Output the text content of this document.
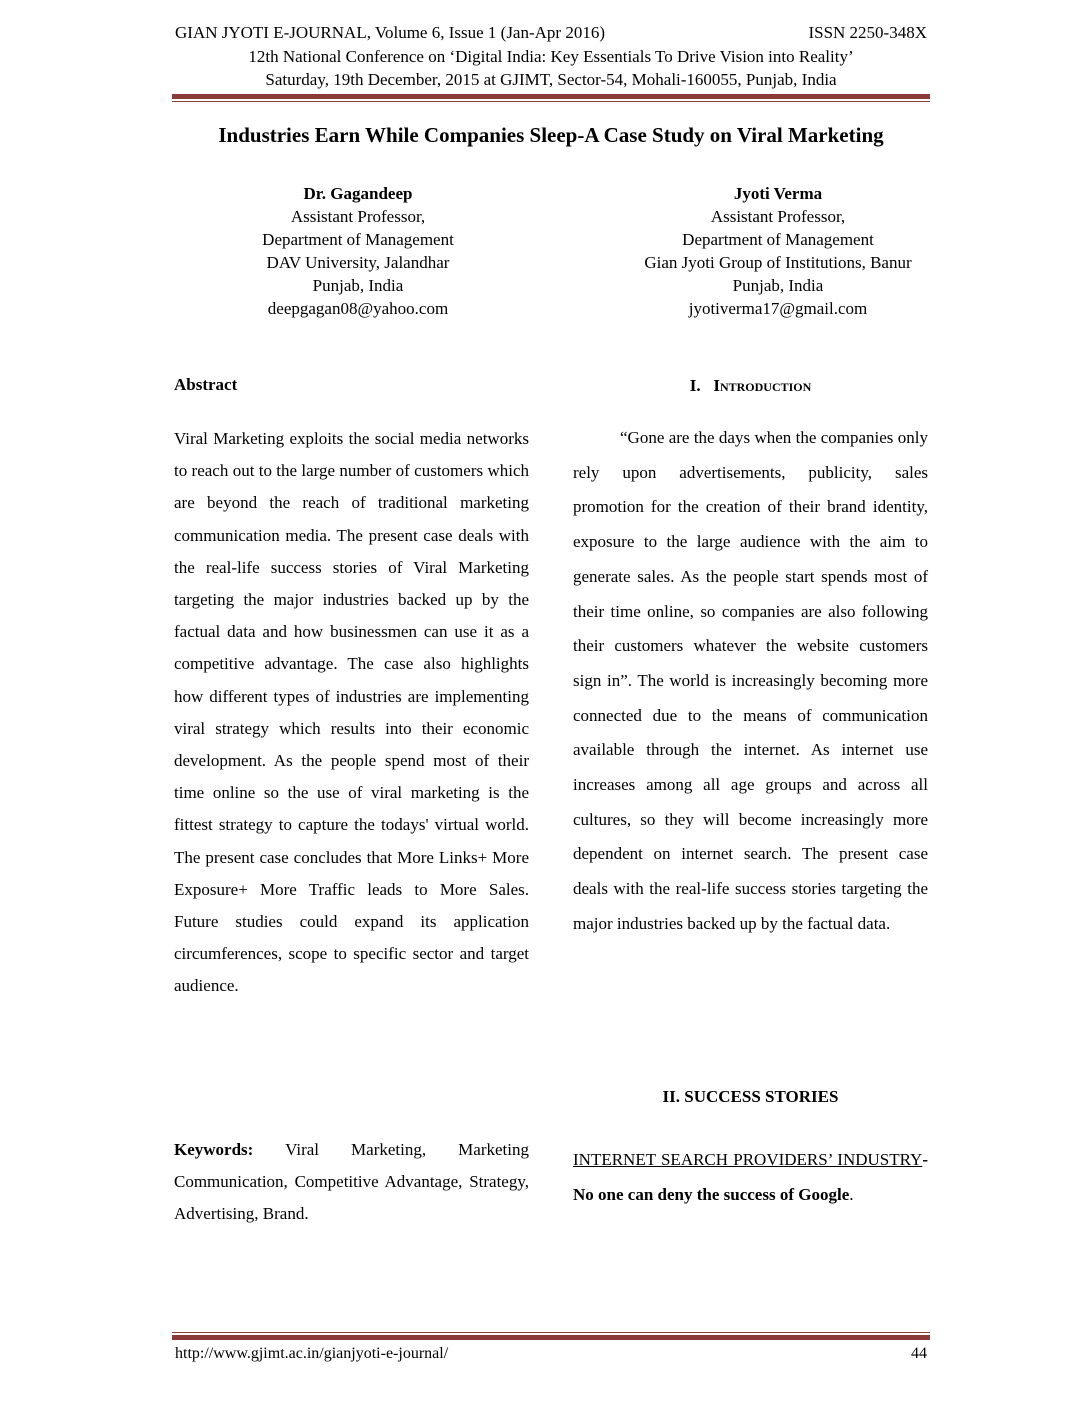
GIAN JYOTI E-JOURNAL, Volume 6, Issue 1 (Jan-Apr 2016)	ISSN 2250-348X
12th National Conference on ‘Digital India: Key Essentials To Drive Vision into Reality’
Saturday, 19th December, 2015 at GJIMT, Sector-54, Mohali-160055, Punjab, India
Industries Earn While Companies Sleep-A Case Study on Viral Marketing
Dr. Gagandeep
Assistant Professor,
Department of Management
DAV University, Jalandhar
Punjab, India
deepgagan08@yahoo.com
Jyoti Verma
Assistant Professor,
Department of Management
Gian Jyoti Group of Institutions, Banur
Punjab, India
jyotiverma17@gmail.com
Abstract
Viral Marketing exploits the social media networks to reach out to the large number of customers which are beyond the reach of traditional marketing communication media. The present case deals with the real-life success stories of Viral Marketing targeting the major industries backed up by the factual data and how businessmen can use it as a competitive advantage. The case also highlights how different types of industries are implementing viral strategy which results into their economic development. As the people spend most of their time online so the use of viral marketing is the fittest strategy to capture the todays' virtual world. The present case concludes that More Links+ More Exposure+ More Traffic leads to More Sales. Future studies could expand its application circumferences, scope to specific sector and target audience.
Keywords: Viral Marketing, Marketing Communication, Competitive Advantage, Strategy, Advertising, Brand.
I. Introduction
“Gone are the days when the companies only rely upon advertisements, publicity, sales promotion for the creation of their brand identity, exposure to the large audience with the aim to generate sales. As the people start spends most of their time online, so companies are also following their customers whatever the website customers sign in”. The world is increasingly becoming more connected due to the means of communication available through the internet. As internet use increases among all age groups and across all cultures, so they will become increasingly more dependent on internet search. The present case deals with the real-life success stories targeting the major industries backed up by the factual data.
II. SUCCESS STORIES
INTERNET SEARCH PROVIDERS’ INDUSTRY- No one can deny the success of Google.
http://www.gjimt.ac.in/gianjyoti-e-journal/	44
